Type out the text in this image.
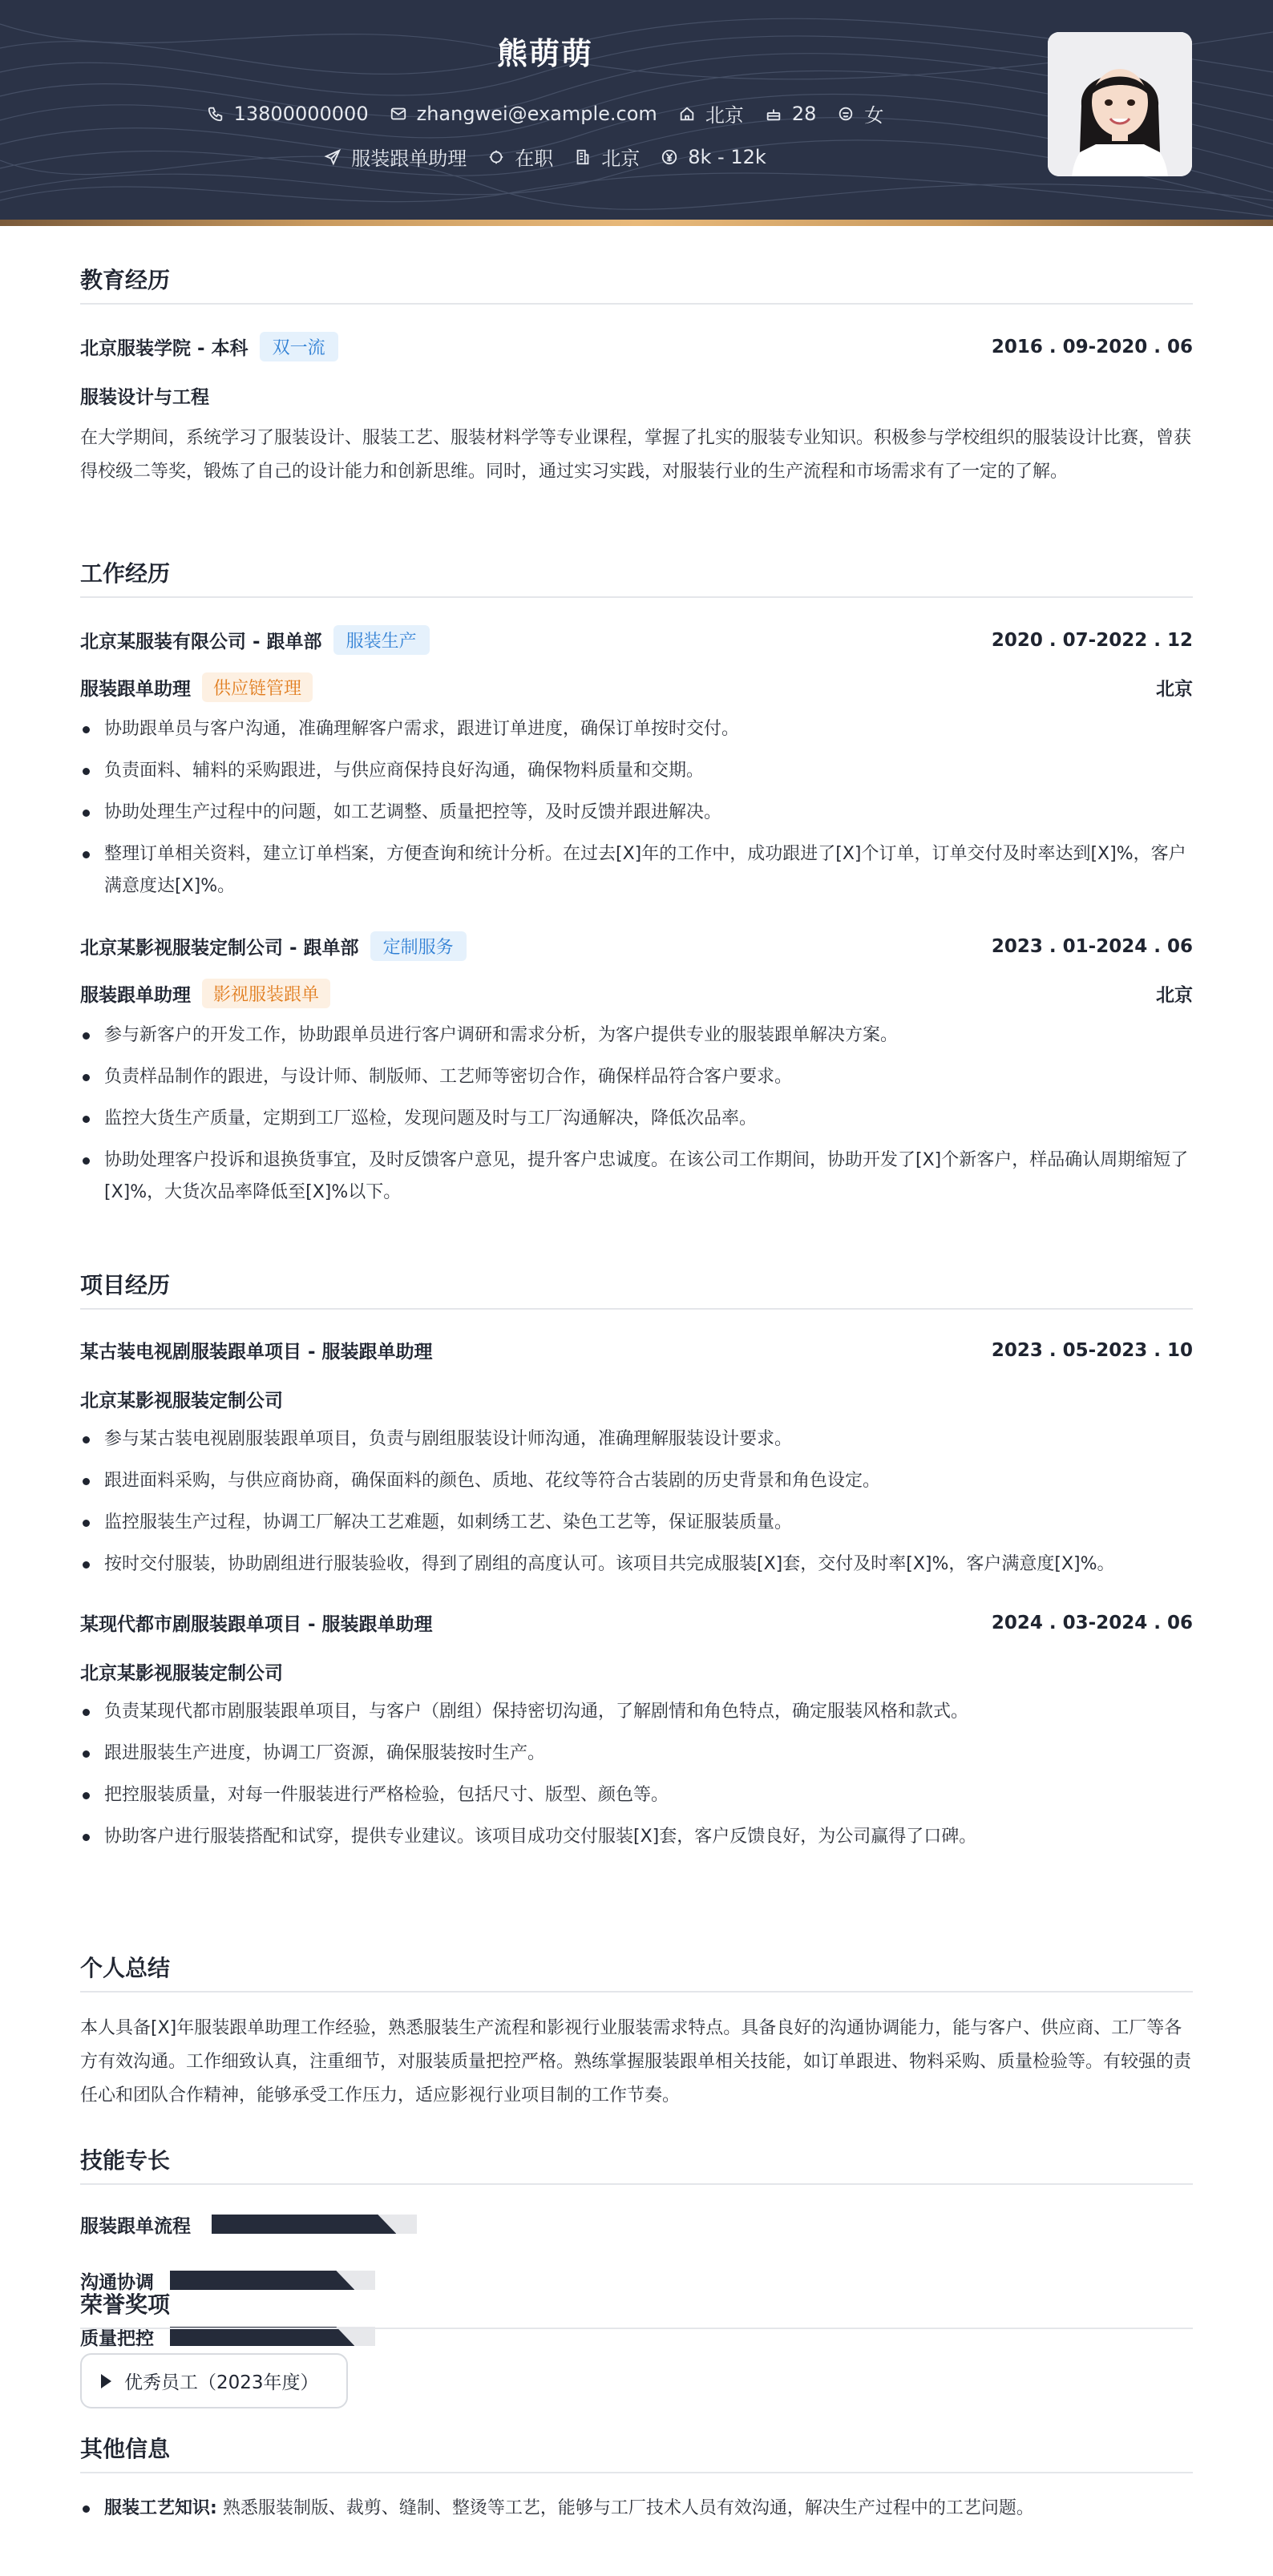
熊萌萌
13800000000	zhangwei@example.com	北京	28	女
服装跟单助理	在职	北京	8k - 12k
教育经历
北京服装学院 - 本科	双一流	2016 . 09-2020 . 06
服装设计与工程
在大学期间，系统学习了服装设计、服装工艺、服装材料学等专业课程，掌握了扎实的服装专业知识。积极参与学校组织的服装设计比赛，曾获得校级二等奖，锻炼了自己的设计能力和创新思维。同时，通过实习实践，对服装行业的生产流程和市场需求有了一定的了解。
工作经历
北京某服装有限公司 - 跟单部	服装生产	2020 . 07-2022 . 12
服装跟单助理	供应链管理	北京
协助跟单员与客户沟通，准确理解客户需求，跟进订单进度，确保订单按时交付。
负责面料、辅料的采购跟进，与供应商保持良好沟通，确保物料质量和交期。
协助处理生产过程中的问题，如工艺调整、质量把控等，及时反馈并跟进解决。
整理订单相关资料，建立订单档案，方便查询和统计分析。在过去[X]年的工作中，成功跟进了[X]个订单，订单交付及时率达到[X]%，客户满意度达[X]%。
北京某影视服装定制公司 - 跟单部	定制服务	2023 . 01-2024 . 06
服装跟单助理	影视服装跟单	北京
参与新客户的开发工作，协助跟单员进行客户调研和需求分析，为客户提供专业的服装跟单解决方案。
负责样品制作的跟进，与设计师、制版师、工艺师等密切合作，确保样品符合客户要求。
监控大货生产质量，定期到工厂巡检，发现问题及时与工厂沟通解决，降低次品率。
协助处理客户投诉和退换货事宜，及时反馈客户意见，提升客户忠诚度。在该公司工作期间，协助开发了[X]个新客户，样品确认周期缩短了[X]%，大货次品率降低至[X]%以下。
项目经历
某古装电视剧服装跟单项目 - 服装跟单助理	2023 . 05-2023 . 10
北京某影视服装定制公司
参与某古装电视剧服装跟单项目，负责与剧组服装设计师沟通，准确理解服装设计要求。
跟进面料采购，与供应商协商，确保面料的颜色、质地、花纹等符合古装剧的历史背景和角色设定。
监控服装生产过程，协调工厂解决工艺难题，如刺绣工艺、染色工艺等，保证服装质量。
按时交付服装，协助剧组进行服装验收，得到了剧组的高度认可。该项目共完成服装[X]套，交付及时率[X]%，客户满意度[X]%。
某现代都市剧服装跟单项目 - 服装跟单助理	2024 . 03-2024 . 06
北京某影视服装定制公司
负责某现代都市剧服装跟单项目，与客户（剧组）保持密切沟通，了解剧情和角色特点，确定服装风格和款式。
跟进服装生产进度，协调工厂资源，确保服装按时生产。
把控服装质量，对每一件服装进行严格检验，包括尺寸、版型、颜色等。
协助客户进行服装搭配和试穿，提供专业建议。该项目成功交付服装[X]套，客户反馈良好，为公司赢得了口碑。
个人总结
本人具备[X]年服装跟单助理工作经验，熟悉服装生产流程和影视行业服装需求特点。具备良好的沟通协调能力，能与客户、供应商、工厂等各方有效沟通。工作细致认真，注重细节，对服装质量把控严格。熟练掌握服装跟单相关技能，如订单跟进、物料采购、质量检验等。有较强的责任心和团队合作精神，能够承受工作压力，适应影视行业项目制的工作节奏。
技能专长
服装跟单流程
沟通协调
质量把控
荣誉奖项
优秀员工（2023年度）
其他信息
服装工艺知识: 熟悉服装制版、裁剪、缝制、整烫等工艺，能够与工厂技术人员有效沟通，解决生产过程中的工艺问题。
